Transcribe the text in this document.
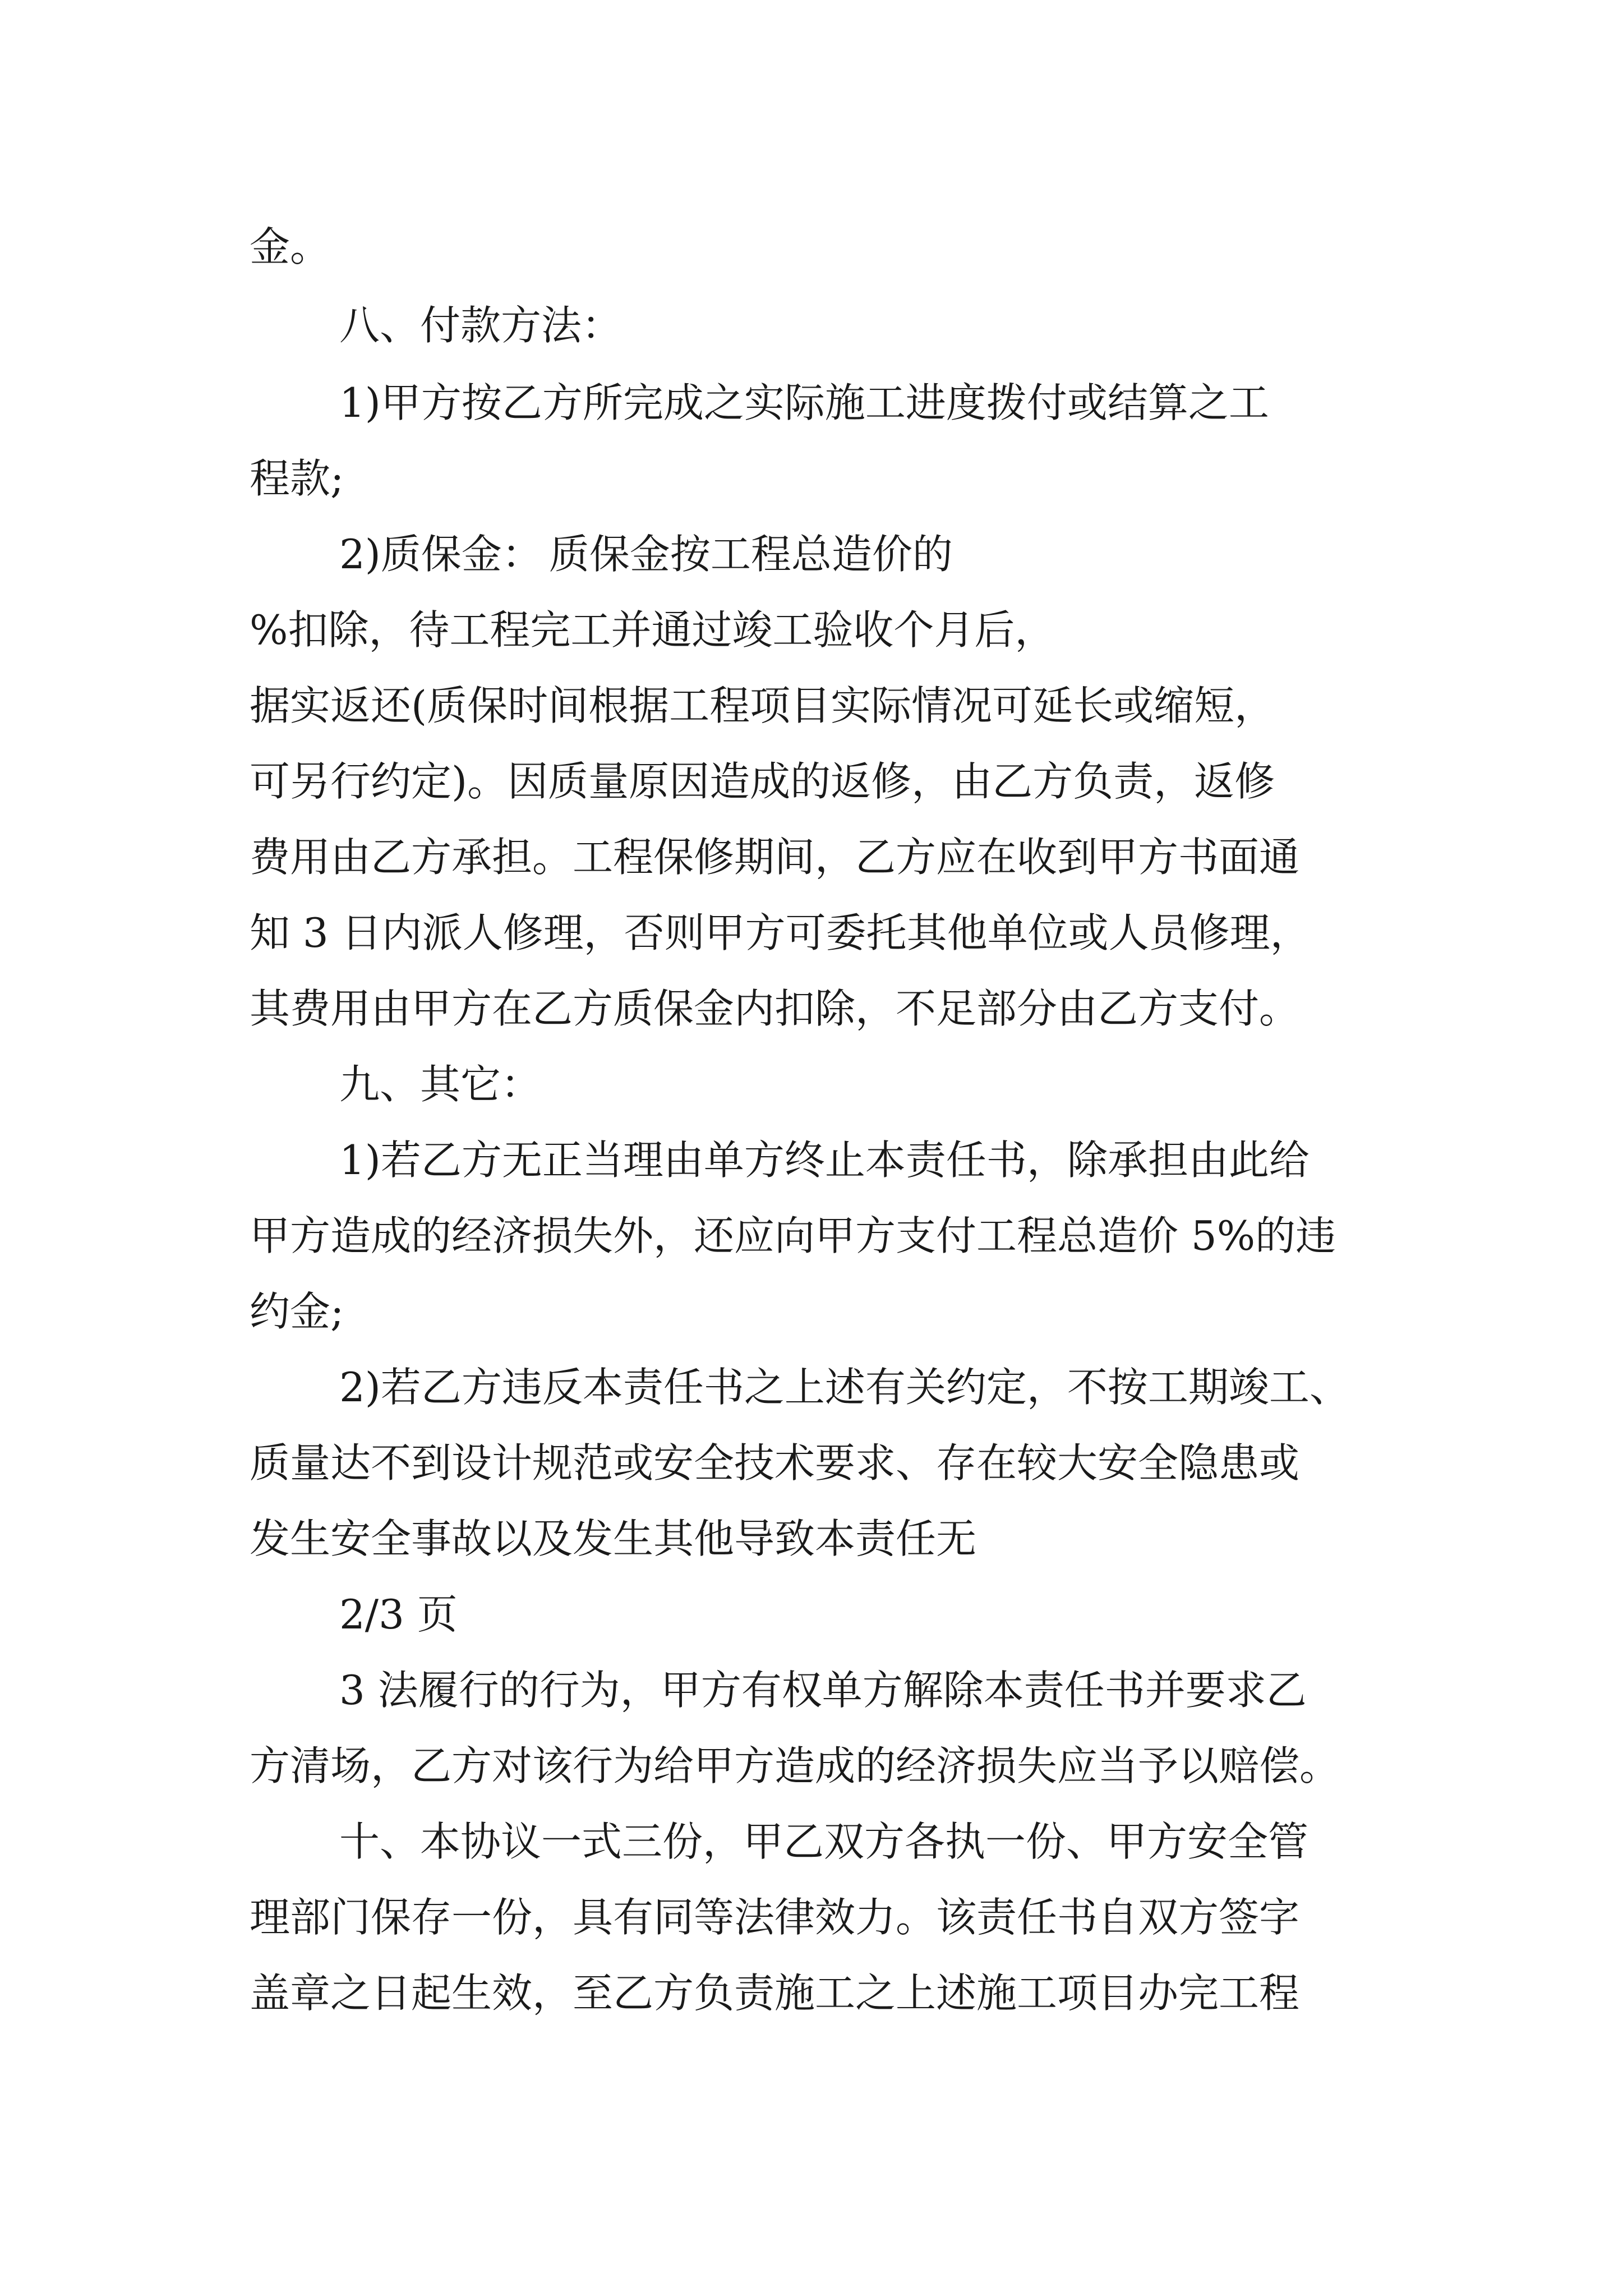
金。
八、付款方法：
1)甲方按乙方所完成之实际施工进度拨付或结算之工
程款;
2)质保金： 质保金按工程总造价的
%扣除，待工程完工并通过竣工验收个月后，
据实返还(质保时间根据工程项目实际情况可延长或缩短，
可另行约定)。因质量原因造成的返修，由乙方负责，返修
费用由乙方承担。工程保修期间，乙方应在收到甲方书面通
知 3 日内派人修理，否则甲方可委托其他单位或人员修理，
其费用由甲方在乙方质保金内扣除，不足部分由乙方支付。
九、其它：
1)若乙方无正当理由单方终止本责任书，除承担由此给
甲方造成的经济损失外，还应向甲方支付工程总造价 5%的违
约金;
2)若乙方违反本责任书之上述有关约定，不按工期竣工、
质量达不到设计规范或安全技术要求、存在较大安全隐患或
发生安全事故以及发生其他导致本责任无
2/3 页
3 法履行的行为，甲方有权单方解除本责任书并要求乙
方清场，乙方对该行为给甲方造成的经济损失应当予以赔偿。
十、本协议一式三份，甲乙双方各执一份、甲方安全管
理部门保存一份，具有同等法律效力。该责任书自双方签字
盖章之日起生效，至乙方负责施工之上述施工项目办完工程
